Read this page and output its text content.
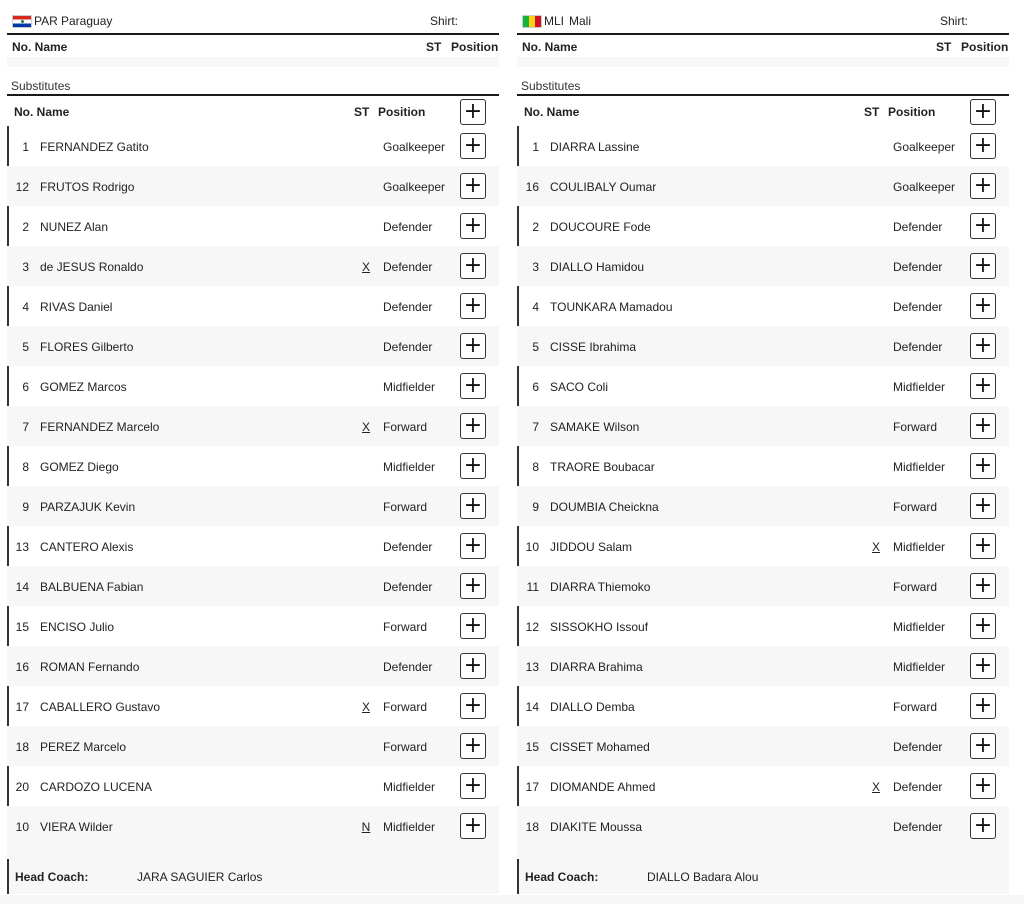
PAR Paraguay	Shirt:
No. Name	ST Position
Substitutes
No. Name	ST Position +
1 FERNANDEZ Gatito	Goalkeeper +
12 FRUTOS Rodrigo	Goalkeeper +
2 NUNEZ Alan	Defender +
3 de JESUS Ronaldo	X Defender +
4 RIVAS Daniel	Defender +
5 FLORES Gilberto	Defender +
6 GOMEZ Marcos	Midfielder +
7 FERNANDEZ Marcelo	X Forward +
8 GOMEZ Diego	Midfielder +
9 PARZAJUK Kevin	Forward +
13 CANTERO Alexis	Defender +
14 BALBUENA Fabian	Defender +
15 ENCISO Julio	Forward +
16 ROMAN Fernando	Defender +
17 CABALLERO Gustavo	X Forward +
18 PEREZ Marcelo	Forward +
20 CARDOZO LUCENA	Midfielder +
10 VIERA Wilder	N Midfielder +
Head Coach:	JARA SAGUIER Carlos
MLI Mali	Shirt:
No. Name	ST Position
Substitutes
No. Name	ST Position +
1 DIARRA Lassine	Goalkeeper +
16 COULIBALY Oumar	Goalkeeper +
2 DOUCOURE Fode	Defender +
3 DIALLO Hamidou	Defender +
4 TOUNKARA Mamadou	Defender +
5 CISSE Ibrahima	Defender +
6 SACO Coli	Midfielder +
7 SAMAKE Wilson	Forward +
8 TRAORE Boubacar	Midfielder +
9 DOUMBIA Cheickna	Forward +
10 JIDDOU Salam	X Midfielder +
11 DIARRA Thiemoko	Forward +
12 SISSOKHO Issouf	Midfielder +
13 DIARRA Brahima	Midfielder +
14 DIALLO Demba	Forward +
15 CISSET Mohamed	Defender +
17 DIOMANDE Ahmed	X Defender +
18 DIAKITE Moussa	Defender +
Head Coach:	DIALLO Badara Alou
